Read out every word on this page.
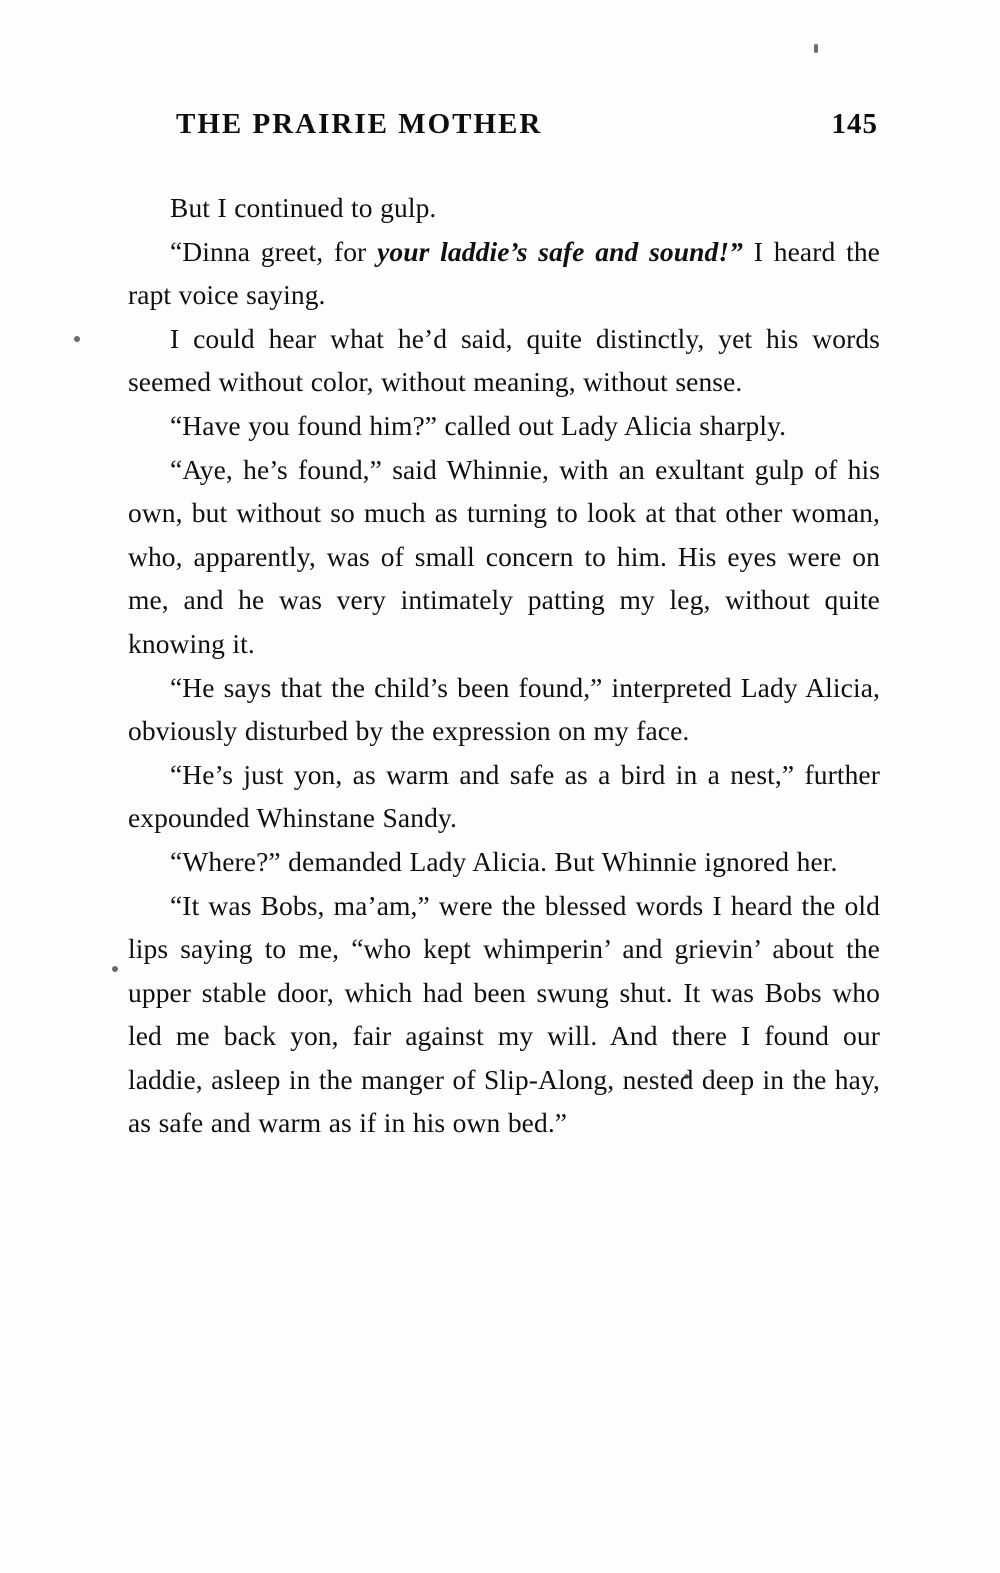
THE PRAIRIE MOTHER	145

But I continued to gulp.

“Dinna greet, for your laddie’s safe and sound!” I heard the rapt voice saying.

I could hear what he’d said, quite distinctly, yet his words seemed without color, without meaning, without sense.

“Have you found him?” called out Lady Alicia sharply.

“Aye, he’s found,” said Whinnie, with an exultant gulp of his own, but without so much as turning to look at that other woman, who, apparently, was of small concern to him. His eyes were on me, and he was very intimately patting my leg, without quite knowing it.

“He says that the child’s been found,” interpreted Lady Alicia, obviously disturbed by the expression on my face.

“He’s just yon, as warm and safe as a bird in a nest,” further expounded Whinstane Sandy.

“Where?” demanded Lady Alicia. But Whinnie ignored her.

“It was Bobs, ma’am,” were the blessed words I heard the old lips saying to me, “who kept whimperin’ and grievin’ about the upper stable door, which had been swung shut. It was Bobs who led me back yon, fair against my will. And there I found our laddie, asleep in the manger of Slip-Along, nested deep in the hay, as safe and warm as if in his own bed.”
